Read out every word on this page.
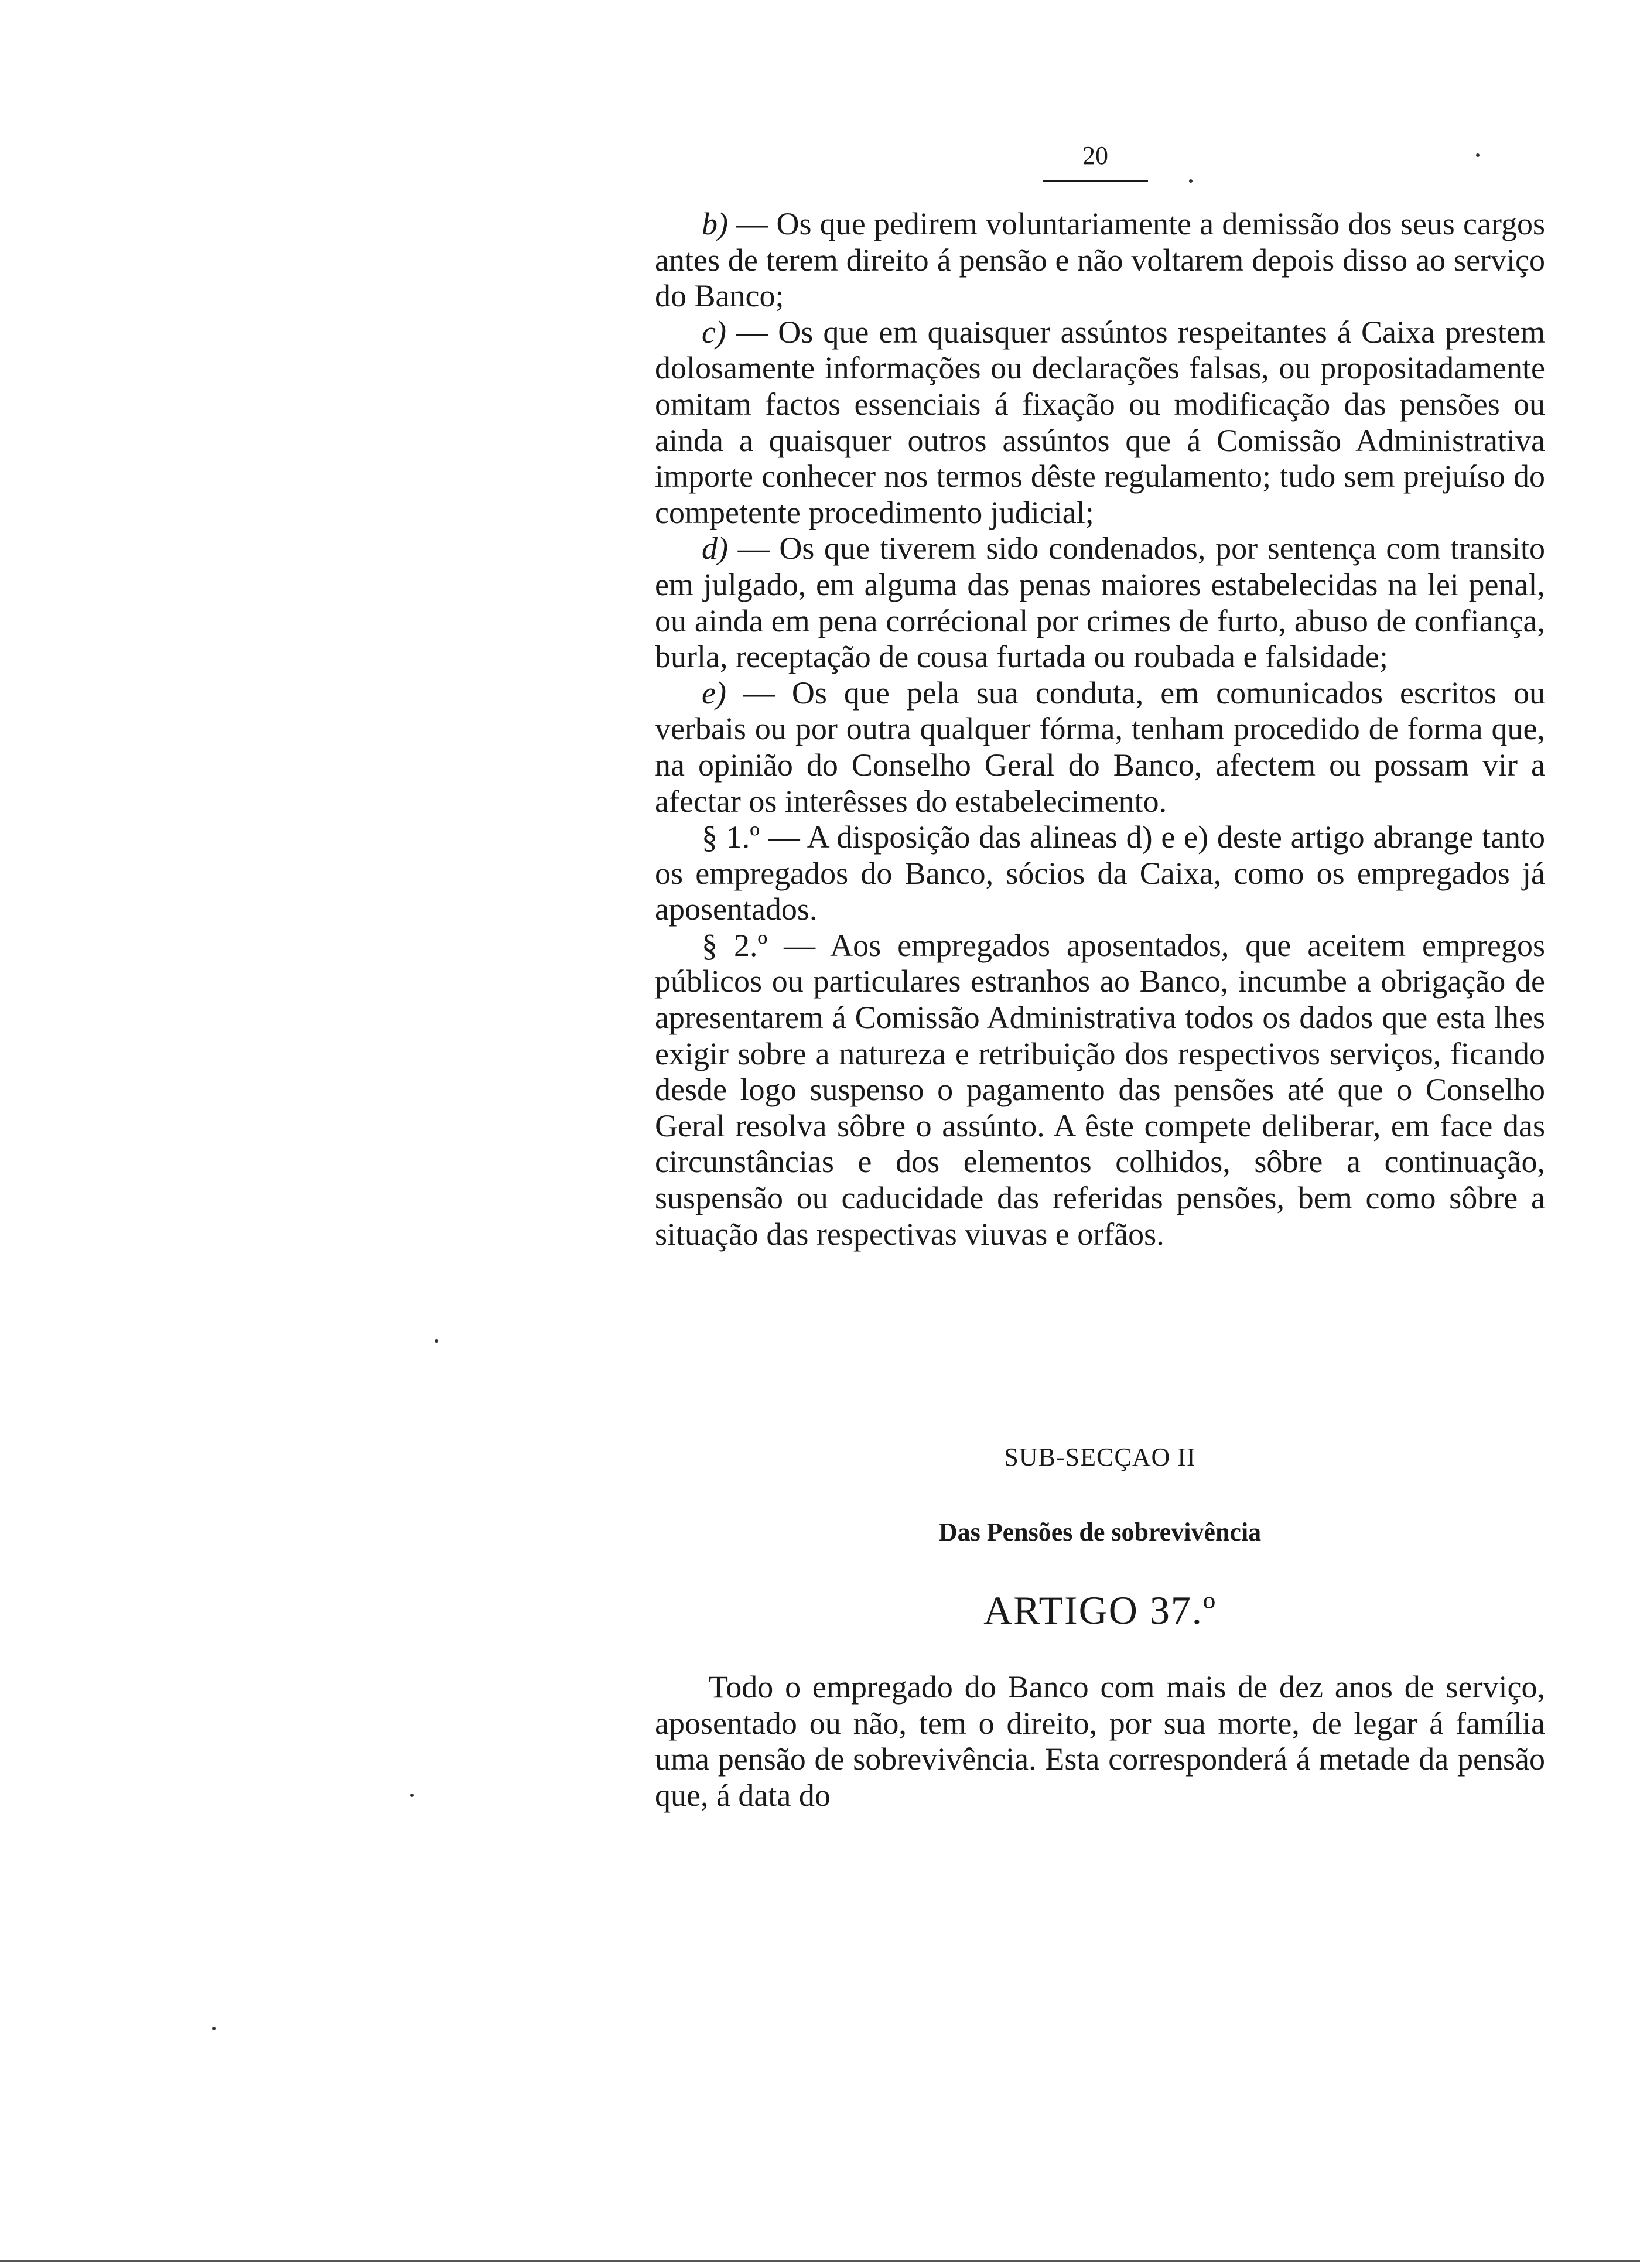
20

b) — Os que pedirem voluntariamente a demissão dos seus cargos antes de terem direito á pensão e não voltarem depois disso ao serviço do Banco;

c) — Os que em quaisquer assúntos respeitantes á Caixa prestem dolosamente informações ou declarações falsas, ou propositadamente omitam factos essenciais á fixação ou modificação das pensões ou ainda a quaisquer outros assúntos que á Comissão Administrativa importe conhecer nos termos dêste regulamento; tudo sem prejuíso do competente procedimento judicial;

d) — Os que tiverem sido condenados, por sentença com transito em julgado, em alguma das penas maiores estabelecidas na lei penal, ou ainda em pena corrécional por crimes de furto, abuso de confiança, burla, receptação de cousa furtada ou roubada e falsidade;

e) — Os que pela sua conduta, em comunicados escritos ou verbais ou por outra qualquer fórma, tenham procedido de forma que, na opinião do Conselho Geral do Banco, afectem ou possam vir a afectar os interêsses do estabelecimento.

§ 1.º — A disposição das alineas d) e e) deste artigo abrange tanto os empregados do Banco, sócios da Caixa, como os empregados já aposentados.

§ 2.º — Aos empregados aposentados, que aceitem empregos públicos ou particulares estranhos ao Banco, incumbe a obrigação de apresentarem á Comissão Administrativa todos os dados que esta lhes exigir sobre a natureza e retribuição dos respectivos serviços, ficando desde logo suspenso o pagamento das pensões até que o Conselho Geral resolva sôbre o assúnto. A êste compete deliberar, em face das circunstâncias e dos elementos colhidos, sôbre a continuação, suspensão ou caducidade das referidas pensões, bem como sôbre a situação das respectivas viuvas e orfãos.

SUB-SECÇAO II
Das Pensões de sobrevivência
ARTIGO 37.º

Todo o empregado do Banco com mais de dez anos de serviço, aposentado ou não, tem o direito, por sua morte, de legar á família uma pensão de sobrevivência. Esta corresponderá á metade da pensão que, á data do
